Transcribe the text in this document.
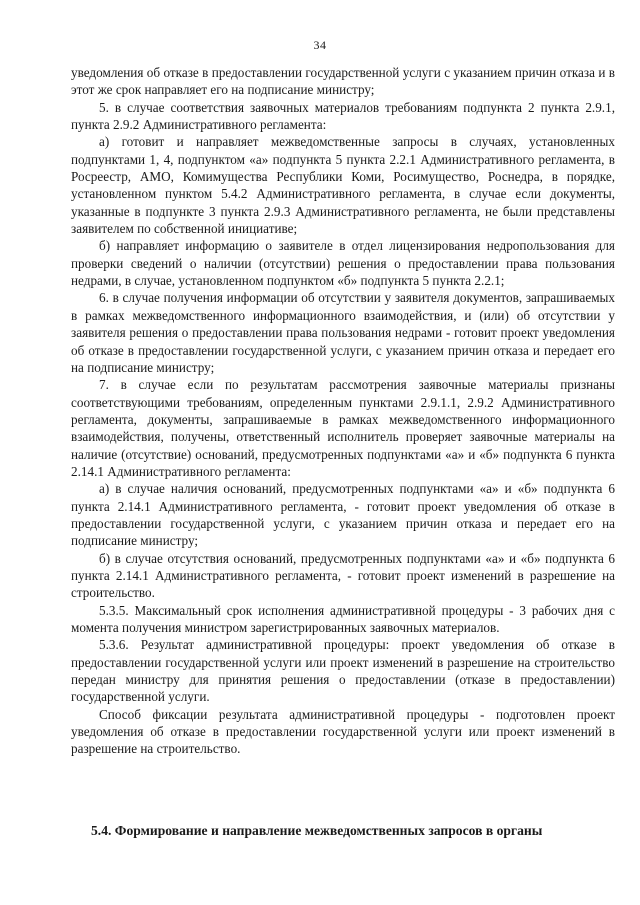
34

уведомления об отказе в предоставлении государственной услуги с указанием причин отказа и в этот же срок направляет его на подписание министру;

5. в случае соответствия заявочных материалов требованиям подпункта 2 пункта 2.9.1, пункта 2.9.2 Административного регламента:

а) готовит и направляет межведомственные запросы в случаях, установленных подпунктами 1, 4, подпунктом «а» подпункта 5 пункта 2.2.1 Административного регламента, в Росреестр, АМО, Комимущества Республики Коми, Росимущество, Роснедра, в порядке, установленном пунктом 5.4.2 Административного регламента, в случае если документы, указанные в подпункте 3 пункта 2.9.3 Административного регламента, не были представлены заявителем по собственной инициативе;

б) направляет информацию о заявителе в отдел лицензирования недропользования для проверки сведений о наличии (отсутствии) решения о предоставлении права пользования недрами, в случае, установленном подпунктом «б» подпункта 5 пункта 2.2.1;

6. в случае получения информации об отсутствии у заявителя документов, запрашиваемых в рамках межведомственного информационного взаимодействия, и (или) об отсутствии у заявителя решения о предоставлении права пользования недрами - готовит проект уведомления об отказе в предоставлении государственной услуги, с указанием причин отказа и передает его на подписание министру;

7. в случае если по результатам рассмотрения заявочные материалы признаны соответствующими требованиям, определенным пунктами 2.9.1.1, 2.9.2 Административного регламента, документы, запрашиваемые в рамках межведомственного информационного взаимодействия, получены, ответственный исполнитель проверяет заявочные материалы на наличие (отсутствие) оснований, предусмотренных подпунктами «а» и «б» подпункта 6 пункта 2.14.1 Административного регламента:

а) в случае наличия оснований, предусмотренных подпунктами «а» и «б» подпункта 6 пункта 2.14.1 Административного регламента, - готовит проект уведомления об отказе в предоставлении государственной услуги, с указанием причин отказа и передает его на подписание министру;

б) в случае отсутствия оснований, предусмотренных подпунктами «а» и «б» подпункта 6 пункта 2.14.1 Административного регламента, - готовит проект изменений в разрешение на строительство.

5.3.5. Максимальный срок исполнения административной процедуры - 3 рабочих дня с момента получения министром зарегистрированных заявочных материалов.

5.3.6. Результат административной процедуры: проект уведомления об отказе в предоставлении государственной услуги или проект изменений в разрешение на строительство передан министру для принятия решения о предоставлении (отказе в предоставлении) государственной услуги.

Способ фиксации результата административной процедуры - подготовлен проект уведомления об отказе в предоставлении государственной услуги или проект изменений в разрешение на строительство.

5.4. Формирование и направление межведомственных запросов в органы
